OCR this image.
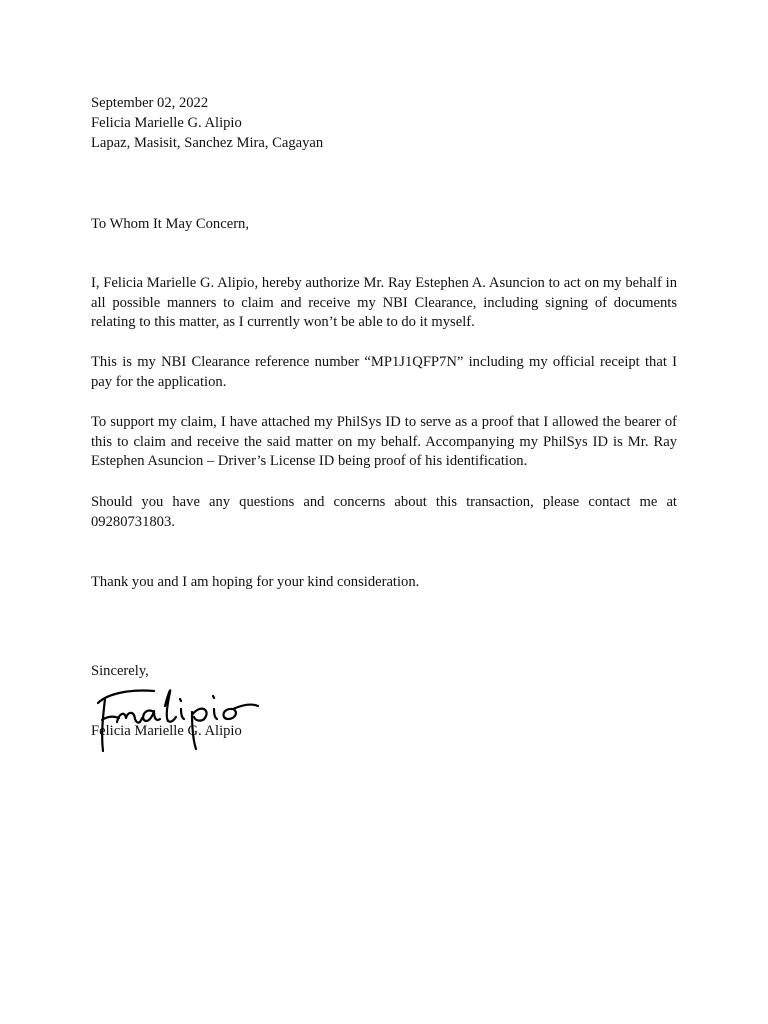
September 02, 2022
Felicia Marielle G. Alipio
Lapaz, Masisit, Sanchez Mira, Cagayan
To Whom It May Concern,
I, Felicia Marielle G. Alipio, hereby authorize Mr. Ray Estephen A. Asuncion to act on my behalf in all possible manners to claim and receive my NBI Clearance, including signing of documents relating to this matter, as I currently won’t be able to do it myself.
This is my NBI Clearance reference number “MP1J1QFP7N” including my official receipt that I pay for the application.
To support my claim, I have attached my PhilSys ID to serve as a proof that I allowed the bearer of this to claim and receive the said matter on my behalf. Accompanying my PhilSys ID is Mr. Ray Estephen Asuncion – Driver’s License ID being proof of his identification.
Should you have any questions and concerns about this transaction, please contact me at 09280731803.
Thank you and I am hoping for your kind consideration.
Sincerely,
Felicia Marielle G. Alipio
